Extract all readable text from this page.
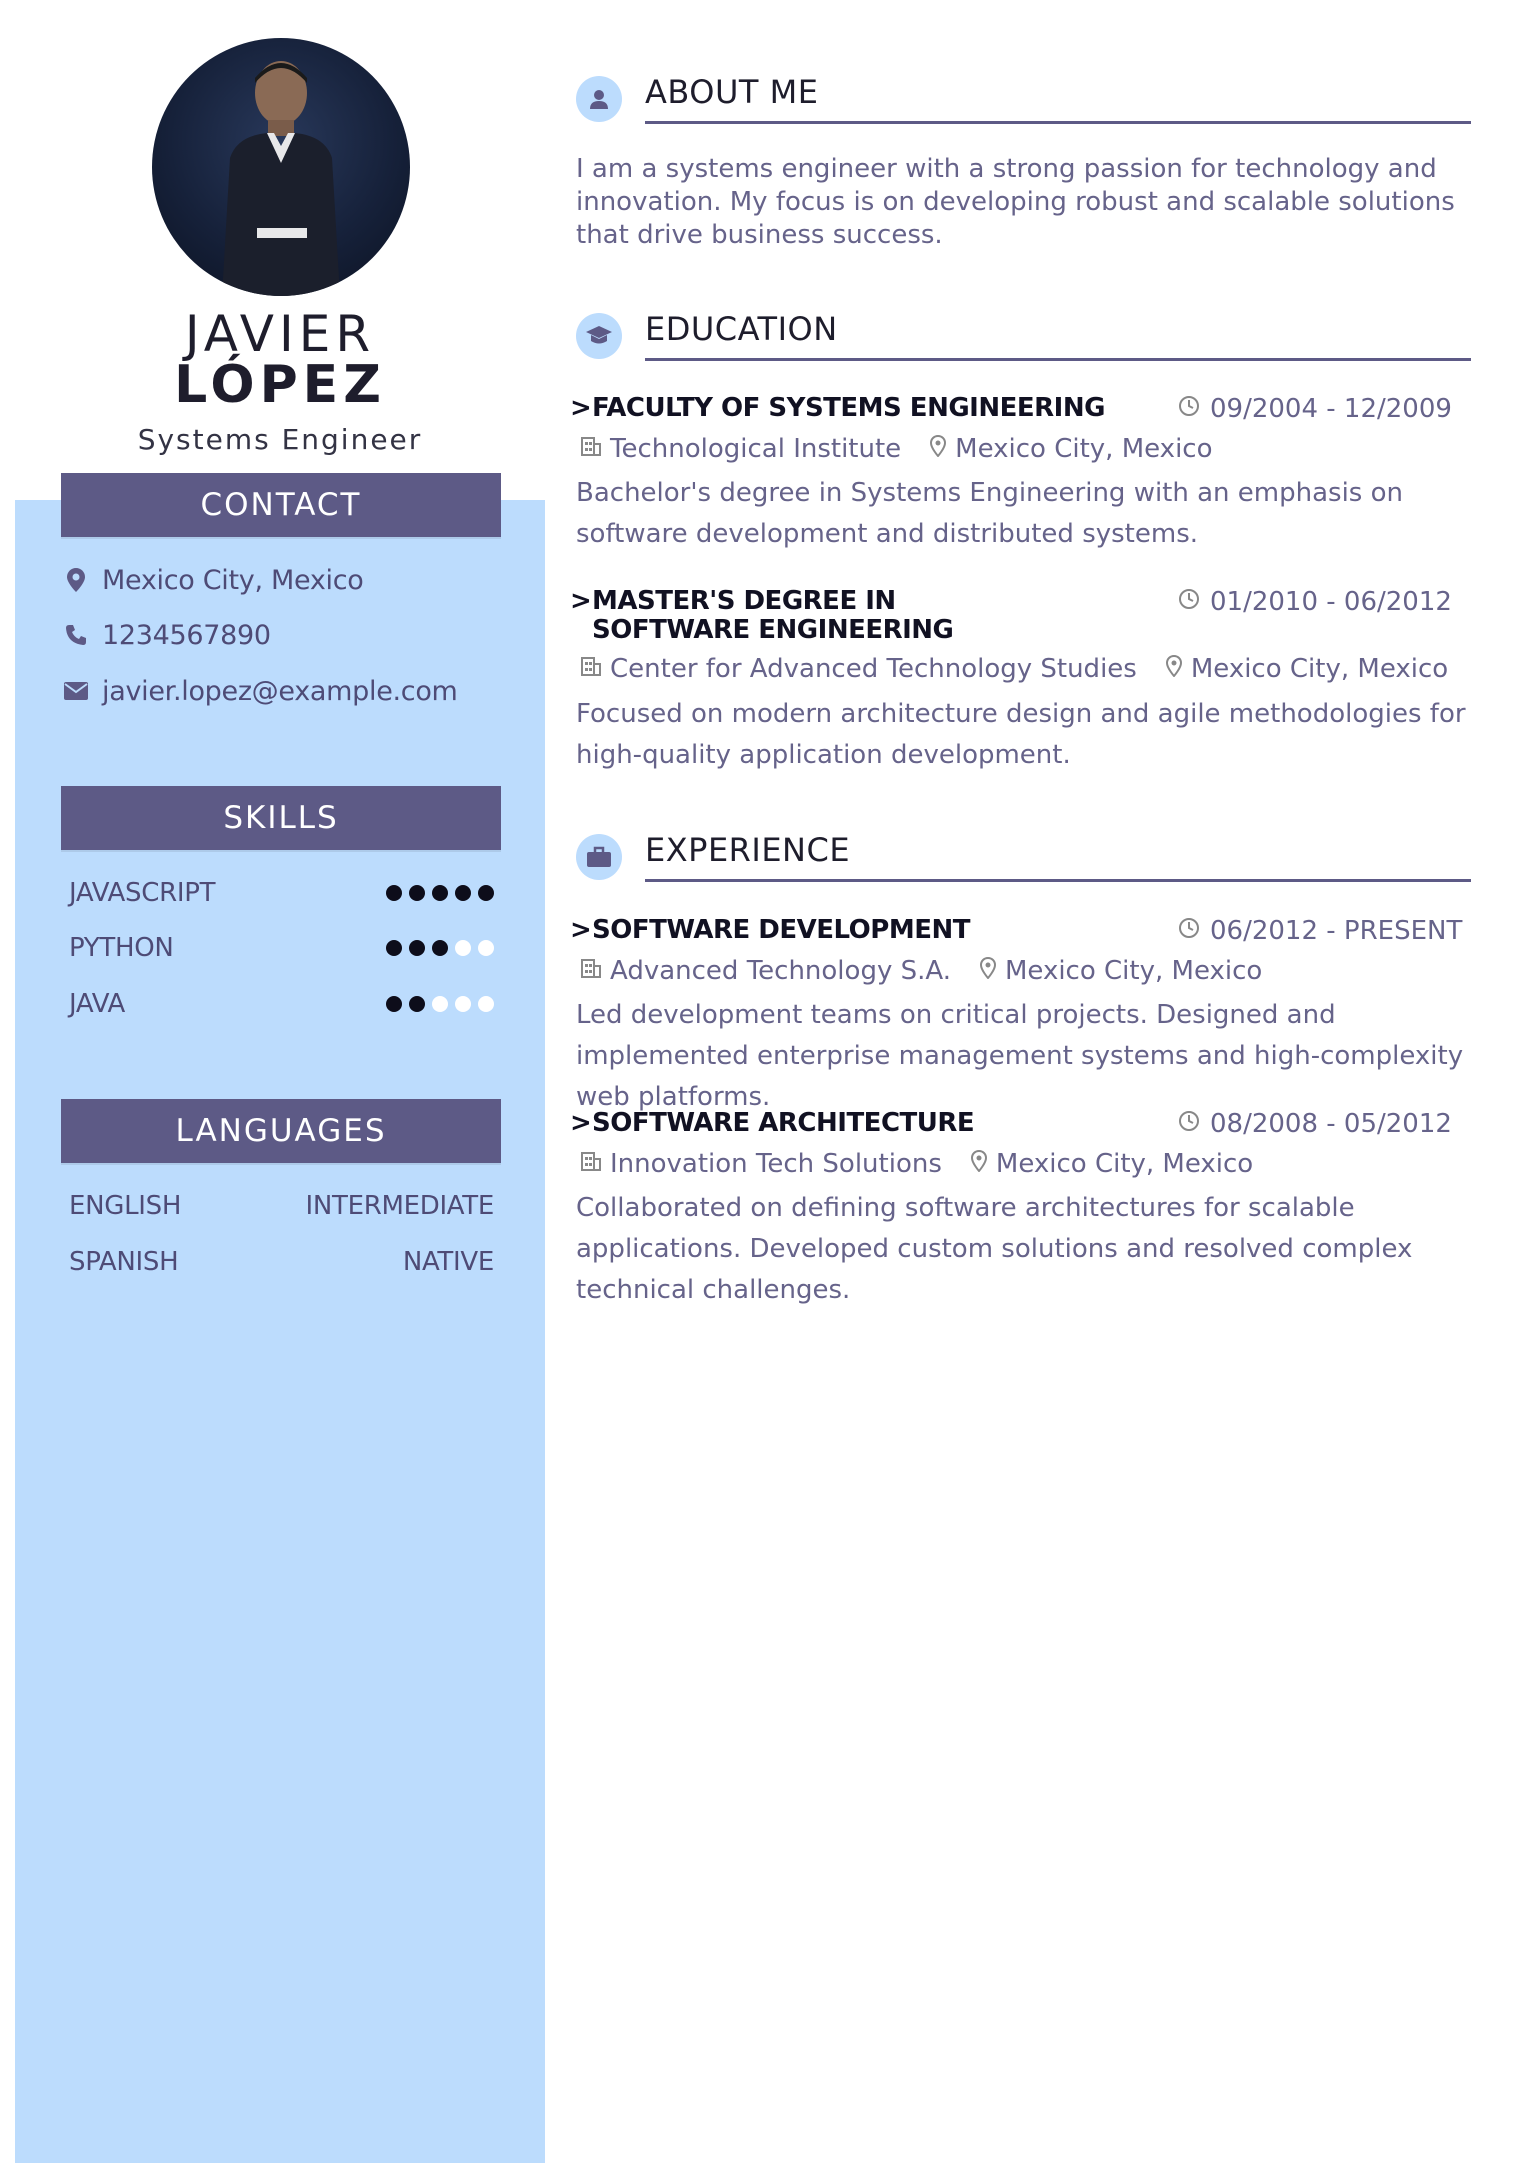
JAVIER
LÓPEZ
Systems Engineer
CONTACT
Mexico City, Mexico
1234567890
javier.lopez@example.com
SKILLS
JAVASCRIPT
PYTHON
JAVA
LANGUAGES
ENGLISH	INTERMEDIATE
SPANISH	NATIVE
ABOUT ME
I am a systems engineer with a strong passion for technology and innovation. My focus is on developing robust and scalable solutions that drive business success.
EDUCATION
>FACULTY OF SYSTEMS ENGINEERING	09/2004 - 12/2009
Technological Institute Mexico City, Mexico
Bachelor's degree in Systems Engineering with an emphasis on software development and distributed systems.
> MASTER'S DEGREE IN SOFTWARE ENGINEERING
01/2010 - 06/2012
Center for Advanced Technology Studies Mexico City, Mexico
Focused on modern architecture design and agile methodologies for high-quality application development.
EXPERIENCE
>SOFTWARE DEVELOPMENT	06/2012 - PRESENT
Advanced Technology S.A. Mexico City, Mexico
Led development teams on critical projects. Designed and implemented enterprise management systems and high-complexity web platforms.
>SOFTWARE ARCHITECTURE	08/2008 - 05/2012
Innovation Tech Solutions Mexico City, Mexico
Collaborated on defining software architectures for scalable applications. Developed custom solutions and resolved complex technical challenges.
